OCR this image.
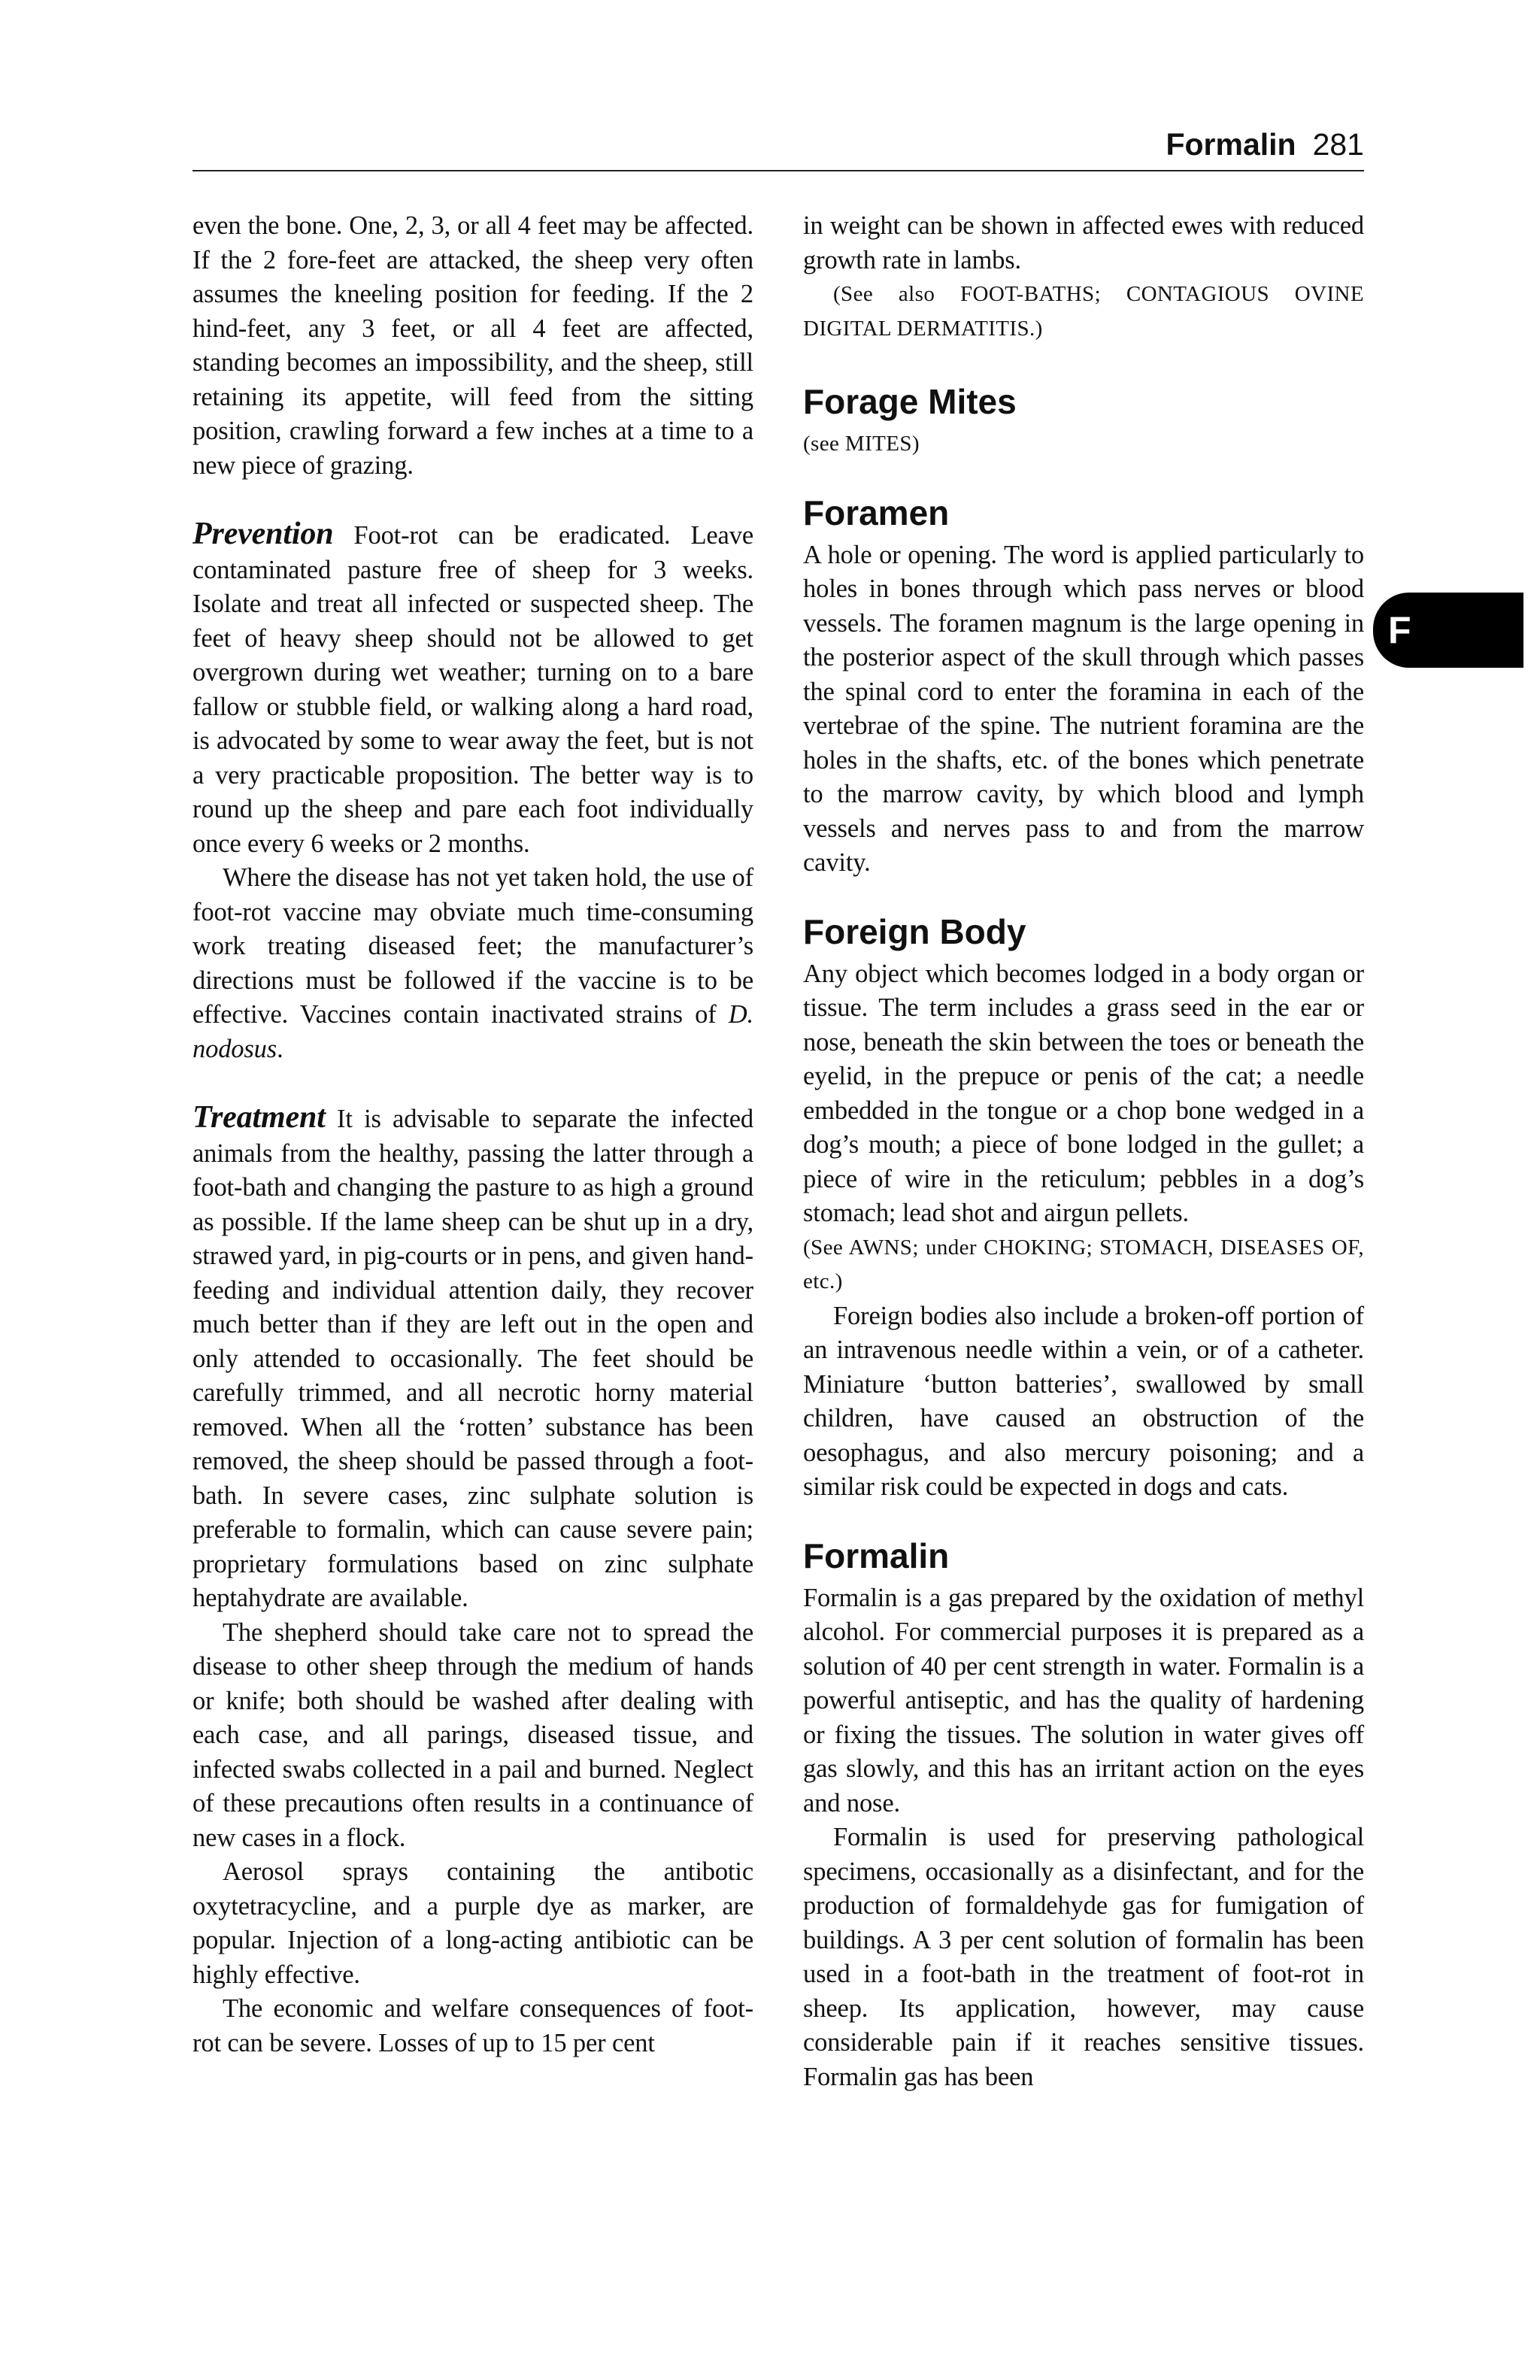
Formalin 281
F

even the bone. One, 2, 3, or all 4 feet may be affected. If the 2 fore-feet are attacked, the sheep very often assumes the kneeling position for feeding. If the 2 hind-feet, any 3 feet, or all 4 feet are affected, standing becomes an impossibility, and the sheep, still retaining its appetite, will feed from the sitting position, crawling forward a few inches at a time to a new piece of grazing.

Prevention Foot-rot can be eradicated. Leave contaminated pasture free of sheep for 3 weeks. Isolate and treat all infected or suspected sheep. The feet of heavy sheep should not be allowed to get overgrown during wet weather; turning on to a bare fallow or stubble field, or walking along a hard road, is advocated by some to wear away the feet, but is not a very practicable proposition. The better way is to round up the sheep and pare each foot individually once every 6 weeks or 2 months.

Where the disease has not yet taken hold, the use of foot-rot vaccine may obviate much time-consuming work treating diseased feet; the manufacturer’s directions must be followed if the vaccine is to be effective. Vaccines contain inactivated strains of D. nodosus.

Treatment It is advisable to separate the infected animals from the healthy, passing the latter through a foot-bath and changing the pasture to as high a ground as possible. If the lame sheep can be shut up in a dry, strawed yard, in pig-courts or in pens, and given hand-feeding and individual attention daily, they recover much better than if they are left out in the open and only attended to occasionally. The feet should be carefully trimmed, and all necrotic horny material removed. When all the ‘rotten’ substance has been removed, the sheep should be passed through a foot-bath. In severe cases, zinc sulphate solution is preferable to formalin, which can cause severe pain; proprietary formulations based on zinc sulphate heptahydrate are available.

The shepherd should take care not to spread the disease to other sheep through the medium of hands or knife; both should be washed after dealing with each case, and all parings, diseased tissue, and infected swabs collected in a pail and burned. Neglect of these precautions often results in a continuance of new cases in a flock.

Aerosol sprays containing the antibotic oxytetracycline, and a purple dye as marker, are popular. Injection of a long-acting antibiotic can be highly effective.

The economic and welfare consequences of foot-rot can be severe. Losses of up to 15 per cent

in weight can be shown in affected ewes with reduced growth rate in lambs.

(See also FOOT-BATHS; CONTAGIOUS OVINE DIGITAL DERMATITIS.)

Forage Mites

(see MITES)

Foramen

A hole or opening. The word is applied particularly to holes in bones through which pass nerves or blood vessels. The foramen magnum is the large opening in the posterior aspect of the skull through which passes the spinal cord to enter the foramina in each of the vertebrae of the spine. The nutrient foramina are the holes in the shafts, etc. of the bones which penetrate to the marrow cavity, by which blood and lymph vessels and nerves pass to and from the marrow cavity.

Foreign Body

Any object which becomes lodged in a body organ or tissue. The term includes a grass seed in the ear or nose, beneath the skin between the toes or beneath the eyelid, in the prepuce or penis of the cat; a needle embedded in the tongue or a chop bone wedged in a dog’s mouth; a piece of bone lodged in the gullet; a piece of wire in the reticulum; pebbles in a dog’s stomach; lead shot and airgun pellets.

(See AWNS; under CHOKING; STOMACH, DISEASES OF, etc.)

Foreign bodies also include a broken-off portion of an intravenous needle within a vein, or of a catheter. Miniature ‘button batteries’, swallowed by small children, have caused an obstruction of the oesophagus, and also mercury poisoning; and a similar risk could be expected in dogs and cats.

Formalin

Formalin is a gas prepared by the oxidation of methyl alcohol. For commercial purposes it is prepared as a solution of 40 per cent strength in water. Formalin is a powerful antiseptic, and has the quality of hardening or fixing the tissues. The solution in water gives off gas slowly, and this has an irritant action on the eyes and nose.

Formalin is used for preserving pathological specimens, occasionally as a disinfectant, and for the production of formaldehyde gas for fumigation of buildings. A 3 per cent solution of formalin has been used in a foot-bath in the treatment of foot-rot in sheep. Its application, however, may cause considerable pain if it reaches sensitive tissues. Formalin gas has been
